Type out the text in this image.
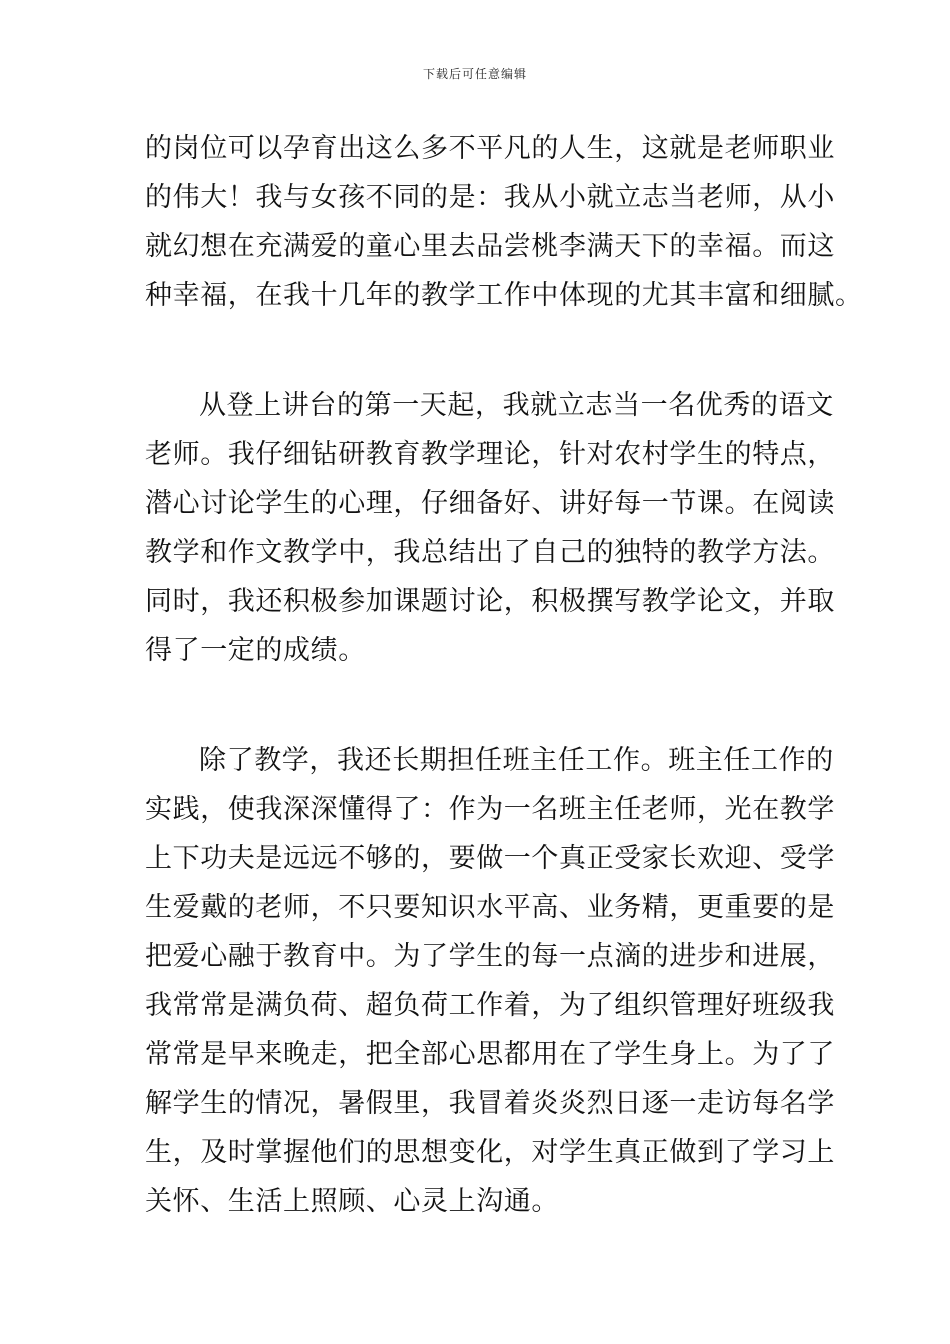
下载后可任意编辑
的岗位可以孕育出这么多不平凡的人生，这就是老师职业
的伟大！我与女孩不同的是：我从小就立志当老师，从小
就幻想在充满爱的童心里去品尝桃李满天下的幸福。而这
种幸福，在我十几年的教学工作中体现的尤其丰富和细腻。
从登上讲台的第一天起，我就立志当一名优秀的语文
老师。我仔细钻研教育教学理论，针对农村学生的特点，
潜心讨论学生的心理，仔细备好、讲好每一节课。在阅读
教学和作文教学中，我总结出了自己的独特的教学方法。
同时，我还积极参加课题讨论，积极撰写教学论文，并取
得了一定的成绩。
除了教学，我还长期担任班主任工作。班主任工作的
实践，使我深深懂得了：作为一名班主任老师，光在教学
上下功夫是远远不够的，要做一个真正受家长欢迎、受学
生爱戴的老师，不只要知识水平高、业务精，更重要的是
把爱心融于教育中。为了学生的每一点滴的进步和进展，
我常常是满负荷、超负荷工作着，为了组织管理好班级我
常常是早来晚走，把全部心思都用在了学生身上。为了了
解学生的情况，暑假里，我冒着炎炎烈日逐一走访每名学
生，及时掌握他们的思想变化，对学生真正做到了学习上
关怀、生活上照顾、心灵上沟通。
